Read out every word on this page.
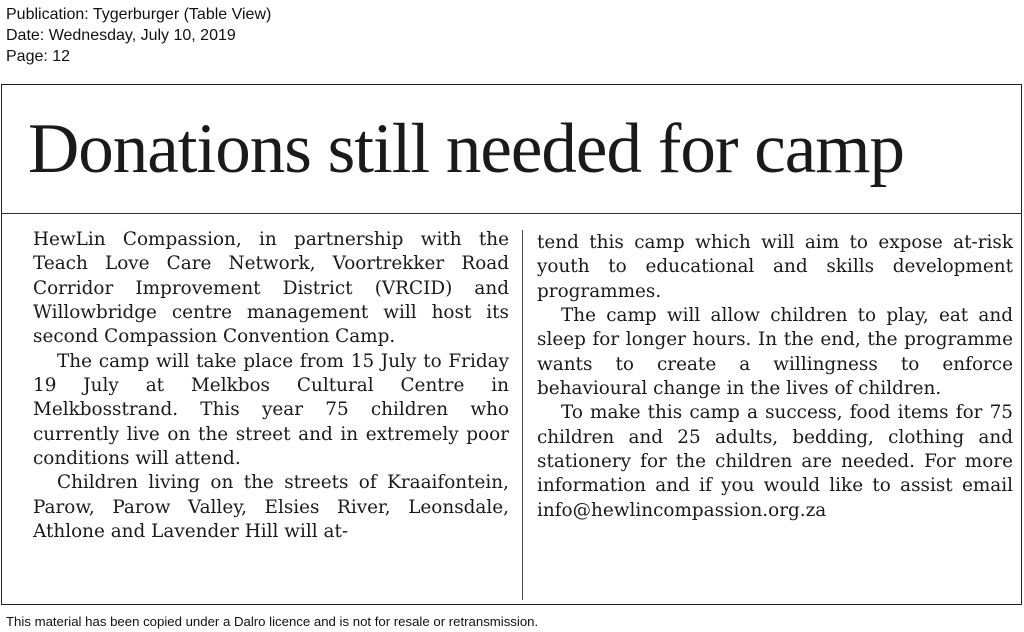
Publication: Tygerburger (Table View)
Date: Wednesday, July 10, 2019
Page: 12
Donations still needed for camp

HewLin Compassion, in partnership with the Teach Love Care Network, Voortrekker Road Corridor Improvement District (VRCID) and Willowbridge centre management will host its second Compassion Convention Camp.

The camp will take place from 15 July to Friday 19 July at Melkbos Cultural Centre in Melkbosstrand. This year 75 children who currently live on the street and in extremely poor conditions will attend.

Children living on the streets of Kraaifontein, Parow, Parow Valley, Elsies River, Leonsdale, Athlone and Lavender Hill will at-

tend this camp which will aim to expose at-risk youth to educational and skills development programmes.

The camp will allow children to play, eat and sleep for longer hours. In the end, the programme wants to create a willingness to enforce behavioural change in the lives of children.

To make this camp a success, food items for 75 children and 25 adults, bedding, clothing and stationery for the children are needed. For more information and if you would like to assist email info@hewlincompassion.org.za

This material has been copied under a Dalro licence and is not for resale or retransmission.
